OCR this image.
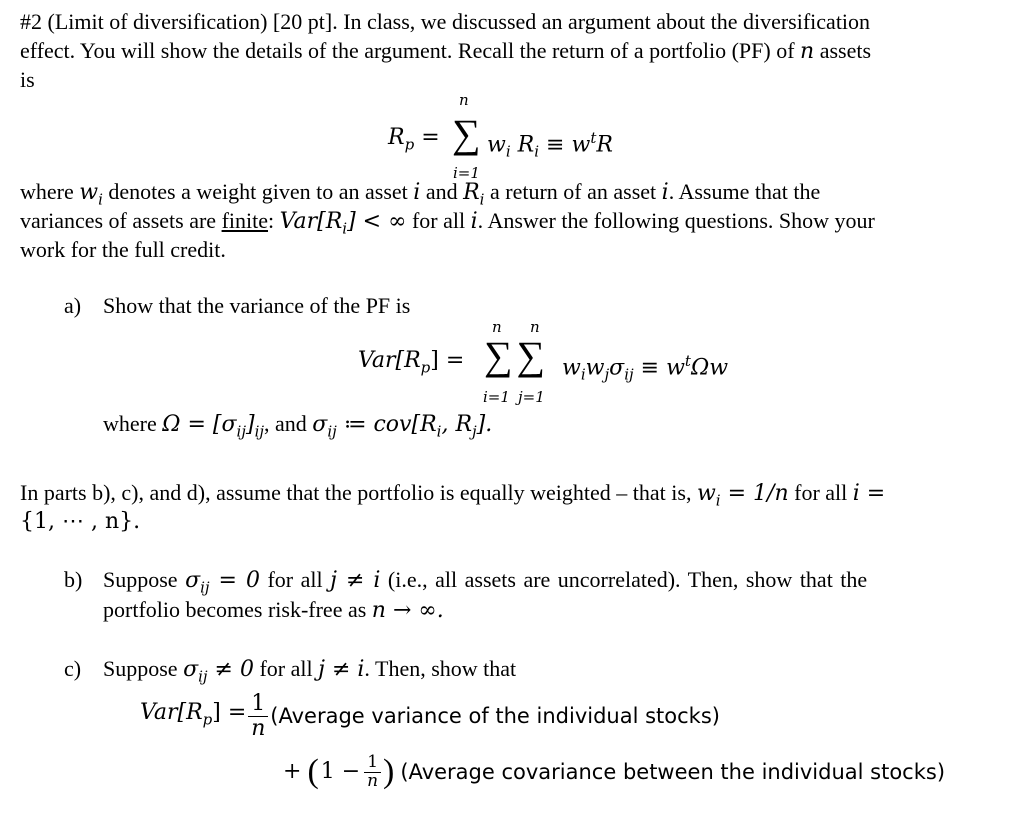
#2 (Limit of diversification) [20 pt]. In class, we discussed an argument about the diversification
effect. You will show the details of the argument. Recall the return of a portfolio (PF) of n assets
is
n
$R_p$ = ∑ $w_i$ $R_i \equiv w^tR$
i=1
where $w_i$ denotes a weight given to an asset i and $R_i$ a return of an asset i. Assume that the
variances of assets are finite: $Var[R_i]$ < ∞ for all i. Answer the following questions. Show your
work for the full credit.
a) Show that the variance of the PF is
n n
$Var[R_p]$ = ∑∑ $w_iw_j\sigma_{ij} \equiv w^t\Omega w$
i=1 j=1
where $\Omega = [\sigma_{ij}]_{ij}$, and $\sigma_{ij}$ ≔ $cov[R_i$, $R_j$].
In parts b), c), and d), assume that the portfolio is equally weighted – that is, $w_i = 1/n$ for all i =
{1, ⋯ , n}.
b) Suppose $\sigma_{ij} = 0$ for all j ≠ i (i.e., all assets are uncorrelated). Then, show that the
portfolio becomes risk-free as n → ∞.
c) Suppose $\sigma_{ij} \ne 0$ for all j ≠ i. Then, show that
$Var[R_p] = \frac{1}{n}$ (Average variance of the individual stocks)
+ ( $1 - \frac{1}{n}$ ) (Average covariance between the individual stocks)
